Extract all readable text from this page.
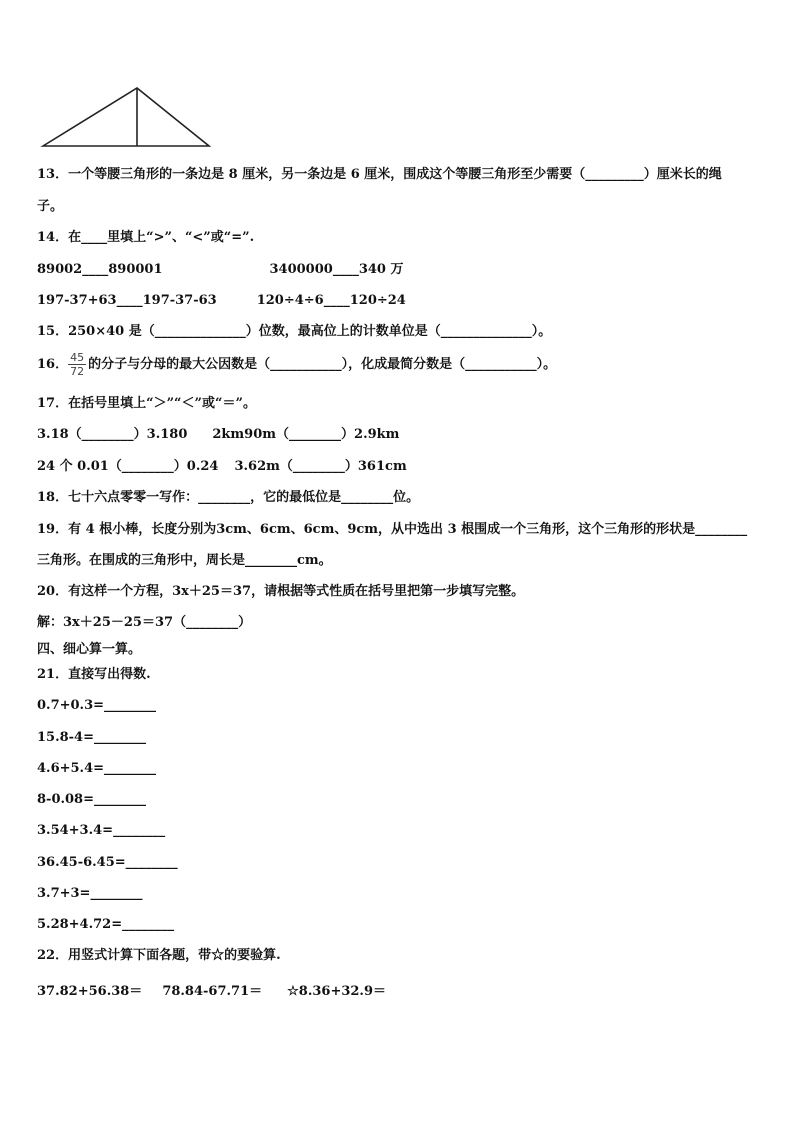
13．一个等腰三角形的一条边是 8 厘米，另一条边是 6 厘米，围成这个等腰三角形至少需要（_________）厘米长的绳
子。
14．在____里填上“>”、“<”或“=”.
89002____890001	3400000____340 万
197-37+63____197-37-63	120÷4÷6____120÷24
15．250×40 是（______________）位数，最高位上的计数单位是（______________）。
16． $\frac{45}{72}$ 的分子与分母的最大公因数是（___________），化成最简分数是（___________）。
17．在括号里填上“＞”“＜”或“＝”。
3.18（________）3.180 2km90m（________）2.9km
24 个 0.01（________）0.24 3.62m（________）361cm
18．七十六点零零一写作：________，它的最低位是________位。
19．有 4 根小棒，长度分别为3cm、6cm、6cm、9cm，从中选出 3 根围成一个三角形，这个三角形的形状是________
三角形。在围成的三角形中，周长是________cm。
20．有这样一个方程，3x＋25＝37，请根据等式性质在括号里把第一步填写完整。
解：3x＋25－25＝37（________）
四、细心算一算。
21．直接写出得数.
0.7+0.3=________
15.8-4=________
4.6+5.4=________
8-0.08=________
3.54+3.4=________
36.45-6.45=________
3.7+3=________
5.28+4.72=________
22．用竖式计算下面各题，带☆的要验算.
37.82+56.38＝ 78.84-67.71＝ ☆8.36+32.9＝
